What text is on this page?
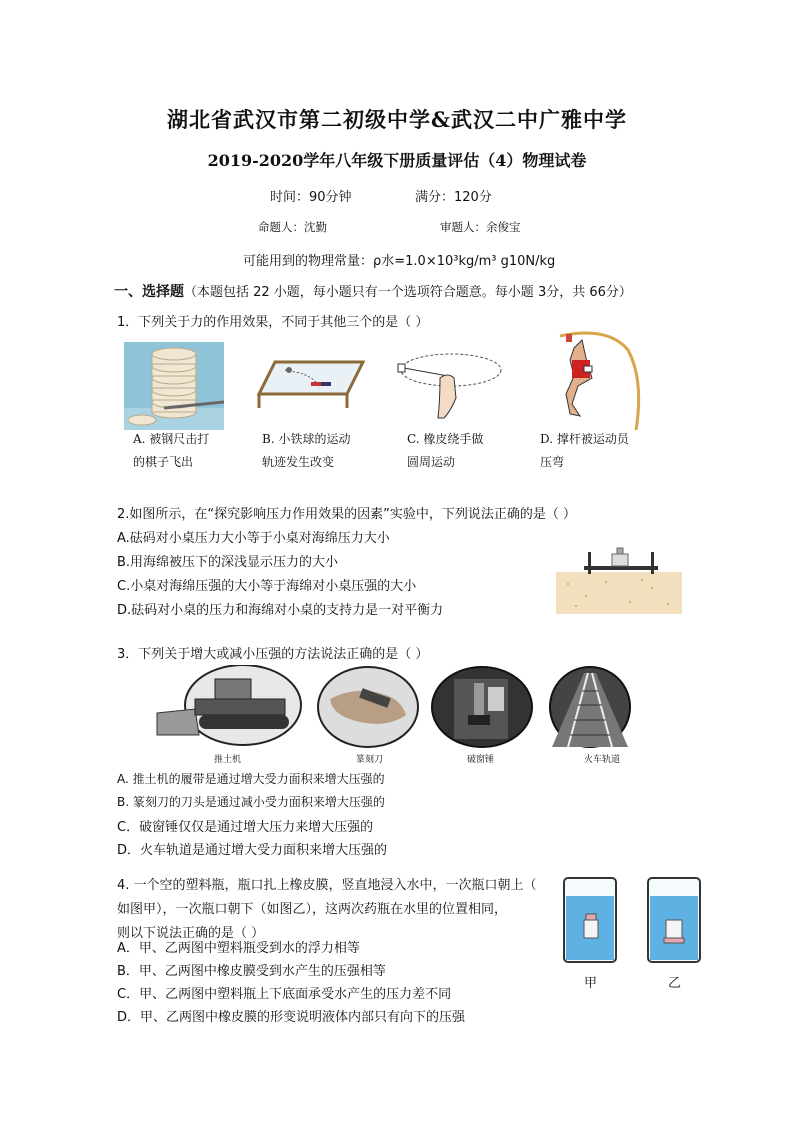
湖北省武汉市第二初级中学&武汉二中广雅中学
2019-2020学年八年级下册质量评估（4）物理试卷
时间：90分钟	满分：120分
命题人：沈勤	审题人：余俊宝
可能用到的物理常量：ρ水=1.0×10³kg/m³ g10N/kg
一、选择题（本题包括 22 小题，每小题只有一个选项符合题意。每小题 3分，共 66分）
1．下列关于力的作用效果，不同于其他三个的是（ ）
A. 被钢尺击打
的棋子飞出
B. 小铁球的运动
轨迹发生改变
C. 橡皮绕手做
圆周运动
D. 撑杆被运动员
压弯
2.如图所示，在“探究影响压力作用效果的因素”实验中，下列说法正确的是（ ）
A.砝码对小桌压力大小等于小桌对海绵压力大小
B.用海绵被压下的深浅显示压力的大小
C.小桌对海绵压强的大小等于海绵对小桌压强的大小
D.砝码对小桌的压力和海绵对小桌的支持力是一对平衡力
3．下列关于增大或减小压强的方法说法正确的是（ ）
推土机	篆刻刀	破窗锤	火车轨道
A. 推土机的履带是通过增大受力面积来增大压强的
B. 篆刻刀的刀头是通过减小受力面积来增大压强的
C．破窗锤仅仅是通过增大压力来增大压强的
D．火车轨道是通过增大受力面积来增大压强的
4. 一个空的塑料瓶，瓶口扎上橡皮膜，竖直地浸入水中，一次瓶口朝上（
如图甲），一次瓶口朝下（如图乙），这两次药瓶在水里的位置相同，
则以下说法正确的是（ ）
A．甲、乙两图中塑料瓶受到水的浮力相等
B．甲、乙两图中橡皮膜受到水产生的压强相等
C．甲、乙两图中塑料瓶上下底面承受水产生的压力差不同
D．甲、乙两图中橡皮膜的形变说明液体内部只有向下的压强
甲	乙
